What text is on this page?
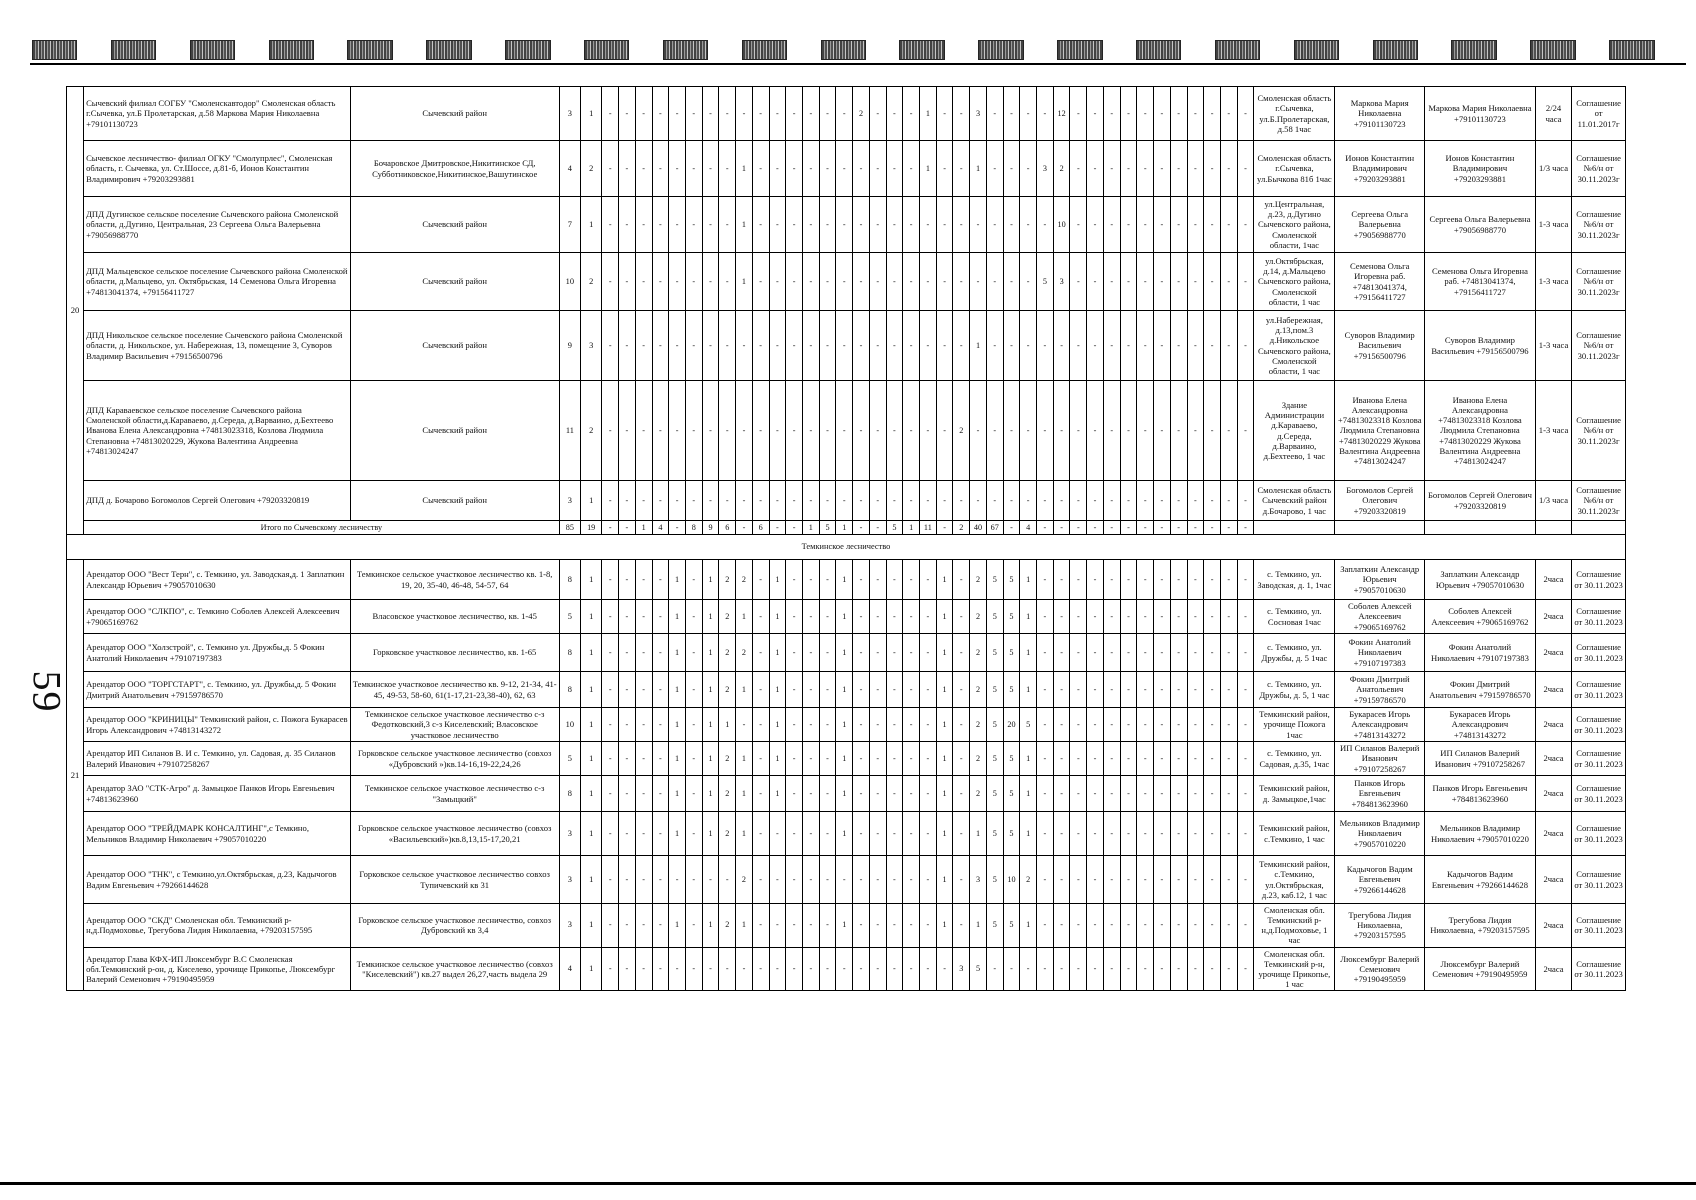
59
20	Сычевский филиал СОГБУ "Смоленскавтодор" Смоленская область г.Сычевка, ул.Б Пролетарская, д.58 Маркова Мария Николаевна +79101130723	Сычевский район	3	1	-	-	-	-	-	-	-	-	-	-	-	-	-	-	-	2	-	-	-	1	-	-	3	-	-	-	-	12	-	-	-	-	-	-	-	-	-	-	-	Смоленская область г.Сычевка, ул.Б.Пролетарская, д.58 1час	Маркова Мария Николаевна +79101130723	Маркова Мария Николаевна +79101130723	2/24 часа	Соглашение от 11.01.2017г
	Сычевское лесничество- филиал ОГКУ "Смолупрлес", Смоленская область, г. Сычевка, ул. Ст.Шоссе, д.81-б, Ионов Константин Владимирович +79203293881	Бочаровское Дмитровское,Никитинское СД, Субботниковское,Никитинское,Вашутинское	4	2	-	-	-	-	-	-	-	-	1	-	-	-	-	-	-	-	-	-	-	1	-	-	1	-	-	-	3	2	-	-	-	-	-	-	-	-	-	-	-	Смоленская область г.Сычевка, ул.Бычкова 81б 1час	Ионов Константин Владимирович +79203293881	Ионов Константин Владимирович +79203293881	1/3 часа	Соглашение №6/н от 30.11.2023г
	ДПД Дугинское сельское поселение Сычевского района Смоленской области, д.Дугино, Центральная, 23 Сергеева Ольга Валерьевна +79056988770	Сычевский район	7	1	-	-	-	-	-	-	-	-	1	-	-	-	-	-	-	-	-	-	-	-	-	-	-	-	-	-	-	10	-	-	-	-	-	-	-	-	-	-	-	ул.Центральная, д.23, д.Дугино Сычевского района, Смоленской области, 1час	Сергеева Ольга Валерьевна +79056988770	Сергеева Ольга Валерьевна +79056988770	1-3 часа	Соглашение №6/н от 30.11.2023г
	ДПД Мальцевское сельское поселение Сычевского района Смоленской области, д.Мальцево, ул. Октябрьская, 14 Семенова Ольга Игоревна +74813041374, +79156411727	Сычевский район	10	2	-	-	-	-	-	-	-	-	1	-	-	-	-	-	-	-	-	-	-	-	-	-	-	-	-	-	5	3	-	-	-	-	-	-	-	-	-	-	-	ул.Октябрьская, д.14, д.Мальцево Сычевского района, Смоленской области, 1 час	Семенова Ольга Игоревна раб. +74813041374, +79156411727	Семенова Ольга Игоревна раб. +74813041374, +79156411727	1-3 часа	Соглашение №6/н от 30.11.2023г
	ДПД Никольское сельское поселение Сычевского района Смоленской области, д. Никольское, ул. Набережная, 13, помещение 3, Суворов Владимир Васильевич +79156500796	Сычевский район	9	3	-	-	-	-	-	-	-	-	-	-	-	-	-	-	-	-	-	-	-	-	-	-	1	-	-	-	-	-	-	-	-	-	-	-	-	-	-	-	-	ул.Набережная, д.13,пом.3 д.Никольское Сычевского района, Смоленской области, 1 час	Суворов Владимир Васильевич +79156500796	Суворов Владимир Васильевич +79156500796	1-3 часа	Соглашение №6/н от 30.11.2023г
	ДПД Караваевское сельское поселение Сычевского района Смоленской области,д.Караваево, д.Середа, д.Варваино, д.Бехтеево Иванова Елена Александровна +74813023318, Козлова Людмила Степановна +74813020229, Жукова Валентина Андреевна +74813024247	Сычевский район	11	2	-	-	-	-	-	-	-	-	-	-	-	-	-	-	-	-	-	-	-	-	-	2	-	-	-	-	-	-	-	-	-	-	-	-	-	-	-	-	-	Здание Администрации д.Караваево, д.Середа, д.Варваино, д.Бехтеево, 1 час	Иванова Елена Александровна +74813023318 Козлова Людмила Степановна +74813020229 Жукова Валентина Андреевна +74813024247	Иванова Елена Александровна +74813023318 Козлова Людмила Степановна +74813020229 Жукова Валентина Андреевна +74813024247	1-3 часа	Соглашение №6/н от 30.11.2023г
	ДПД д. Бочарово Богомолов Сергей Олегович +79203320819	Сычевский район	3	1	-	-	-	-	-	-	-	-	-	-	-	-	-	-	-	-	-	-	-	-	-	-	-	-	-	-	-	-	-	-	-	-	-	-	-	-	-	-	-	Смоленская область Сычевский район д.Бочарово, 1 час	Богомолов Сергей Олегович +79203320819	Богомолов Сергей Олегович +79203320819	1/3 часа	Соглашение №6/н от 30.11.2023г
	Итого по Сычевскому лесничеству		85	19	-	-	1	4	-	8	9	6	-	6	-	-	1	5	1	-	-	5	1	11	-	2	40	67	-	4	-	-	-	-	-	-	-	-	-	-	-	-	-					
Темкинское лесничество																																																
21	Арендатор ООО "Вест Терн", с. Темкино, ул. Заводская,д. 1 Заплаткин Александр Юрьевич +79057010630	Темкинское сельское участковое лесничество кв. 1-8, 19, 20, 35-40, 46-48, 54-57, 64	8	1	-	-	-	-	1	-	1	2	2	-	1	-	-	-	1	-	-	-	-	-	1	-	2	5	5	1	-	-	-	-	-	-	-	-	-	-	-	-	-	с. Темкино, ул. Заводская, д. 1, 1час	Заплаткин Александр Юрьевич +79057010630	Заплаткин Александр Юрьевич +79057010630	2часа	Соглашение от 30.11.2023
	Арендатор ООО "СЛКПО", с. Темкино Соболев Алексей Алексеевич +79065169762	Власовское участковое лесничество, кв. 1-45	5	1	-	-	-	-	1	-	1	2	1	-	1	-	-	-	1	-	-	-	-	-	1	-	2	5	5	1	-	-	-	-	-	-	-	-	-	-	-	-	-	с. Темкино, ул. Сосновая 1час	Соболев Алексей Алексеевич +79065169762	Соболев Алексей Алексеевич +79065169762	2часа	Соглашение от 30.11.2023
	Арендатор ООО "Холзстрой", с. Темкино ул. Дружбы,д. 5 Фокин Анатолий Николаевич +79107197383	Горковское участковое лесничество, кв. 1-65	8	1	-	-	-	-	1	-	1	2	2	-	1	-	-	-	1	-	-	-	-	-	1	-	2	5	5	1	-	-	-	-	-	-	-	-	-	-	-	-	-	с. Темкино, ул. Дружбы, д. 5 1час	Фокин Анатолий Николаевич +79107197383	Фокин Анатолий Николаевич +79107197383	2часа	Соглашение от 30.11.2023
	Арендатор ООО "ТОРГСТАРТ", с. Темкино, ул. Дружбы,д. 5 Фокин Дмитрий Анатольевич +79159786570	Темкинское участковое лесничество кв. 9-12, 21-34, 41-45, 49-53, 58-60, 61(1-17,21-23,38-40), 62, 63	8	1	-	-	-	-	1	-	1	2	1	-	1	-	-	-	1	-	-	-	-	-	1	-	2	5	5	1	-	-	-	-	-	-	-	-	-	-	-	-	-	с. Темкино, ул. Дружбы, д. 5, 1 час	Фокин Дмитрий Анатольевич +79159786570	Фокин Дмитрий Анатольевич +79159786570	2часа	Соглашение от 30.11.2023
	Арендатор ООО "КРИНИЦЫ" Темкинский район, с. Пожога Букарасев Игорь Александрович +74813143272	Темкинское сельское участковое лесничество с-з Федотковский,3 с-з Киселевский; Власовское участковое лесничество	10	1	-	-	-	-	1	-	1	1	-	-	1	-	-	-	1	-	-	-	-	-	1	-	2	5	20	5	-	-	-	-	-	-	-	-	-	-	-	-	-	Темкинский район, урочище Пожога 1час	Букарасев Игорь Александрович +74813143272	Букарасев Игорь Александрович +74813143272	2часа	Соглашение от 30.11.2023
	Арендатор ИП Силанов В. И с. Темкино, ул. Садовая, д. 35 Силанов Валерий Иванович +79107258267	Горковское сельское участковое лесничество (совхоз «Дубровский »)кв.14-16,19-22,24,26	5	1	-	-	-	-	1	-	1	2	1	-	1	-	-	-	1	-	-	-	-	-	1	-	2	5	5	1	-	-	-	-	-	-	-	-	-	-	-	-	-	с. Темкино, ул. Садовая, д.35, 1час	ИП Силанов Валерий Иванович +79107258267	ИП Силанов Валерий Иванович +79107258267	2часа	Соглашение от 30.11.2023
	Арендатор ЗАО "СТК-Агро" д. Замыцкое Панков Игорь Евгеньевич +74813623960	Темкинское сельское участковое лесничество с-з "Замыцкий"	8	1	-	-	-	-	1	-	1	2	1	-	1	-	-	-	1	-	-	-	-	-	1	-	2	5	5	1	-	-	-	-	-	-	-	-	-	-	-	-	-	Темкинский район, д. Замыцкое,1час	Панков Игорь Евгеньевич +784813623960	Панков Игорь Евгеньевич +784813623960	2часа	Соглашение от 30.11.2023
	Арендатор ООО "ТРЕЙДМАРК КОНСАЛТИНГ",с Темкино, Мельников Владимир Николаевич +79057010220	Горковское сельское участковое лесничество (совхоз «Васильевский»)кв.8,13,15-17,20,21	3	1	-	-	-	-	1	-	1	2	1	-	-	-	-	-	1	-	-	-	-	-	1	-	1	5	5	1	-	-	-	-	-	-	-	-	-	-	-	-	-	Темкинский район, с.Темкино, 1 час	Мельников Владимир Николаевич +79057010220	Мельников Владимир Николаевич +79057010220	2часа	Соглашение от 30.11.2023
	Арендатор ООО "ТНК", с Темкино,ул.Октябрьская, д.23, Кадычогов Вадим Евгеньевич +79266144628	Горковское сельское участковое лесничество совхоз Тупичевский кв 31	3	1	-	-	-	-	-	-	-	-	2	-	-	-	-	-	-	-	-	-	-	-	1	-	3	5	10	2	-	-	-	-	-	-	-	-	-	-	-	-	-	Темкинский район, с.Темкино, ул.Октябрьская, д.23, каб.12, 1 час	Кадычогов Вадим Евгеньевич +79266144628	Кадычогов Вадим Евгеньевич +79266144628	2часа	Соглашение от 30.11.2023
	Арендатор ООО "СКД" Смоленская обл. Темкинский р-н,д.Подмоховье, Трегубова Лидия Николаевна, +79203157595	Горковское сельское участковое лесничество, совхоз Дубровский кв 3,4	3	1	-	-	-	-	1	-	1	2	1	-	-	-	-	-	1	-	-	-	-	-	1	-	1	5	5	1	-	-	-	-	-	-	-	-	-	-	-	-	-	Смоленская обл. Темкинский р-н,д.Подмоховье, 1 час	Трегубова Лидия Николаевна, +79203157595	Трегубова Лидия Николаевна, +79203157595	2часа	Соглашение от 30.11.2023
	Арендатор Глава КФХ-ИП Люксембург В.С Смоленская обл.Темкинский р-он, д. Киселево, урочище Прикопье, Люксембург Валерий Семенович +79190495959	Темкинское сельское участковое лесничество (совхоз "Киселевский") кв.27 выдел 26,27,часть выдела 29	4	1	-	-	-	-	-	-	-	-	-	-	-	-	-	-	-	-	-	-	-	-	-	3	5	-	-	-	-	-	-	-	-	-	-	-	-	-	-	-	-	Смоленская обл. Темкинский р-н, урочище Прикопье, 1 час	Люксембург Валерий Семенович +79190495959	Люксембург Валерий Семенович +79190495959	2часа	Соглашение от 30.11.2023
